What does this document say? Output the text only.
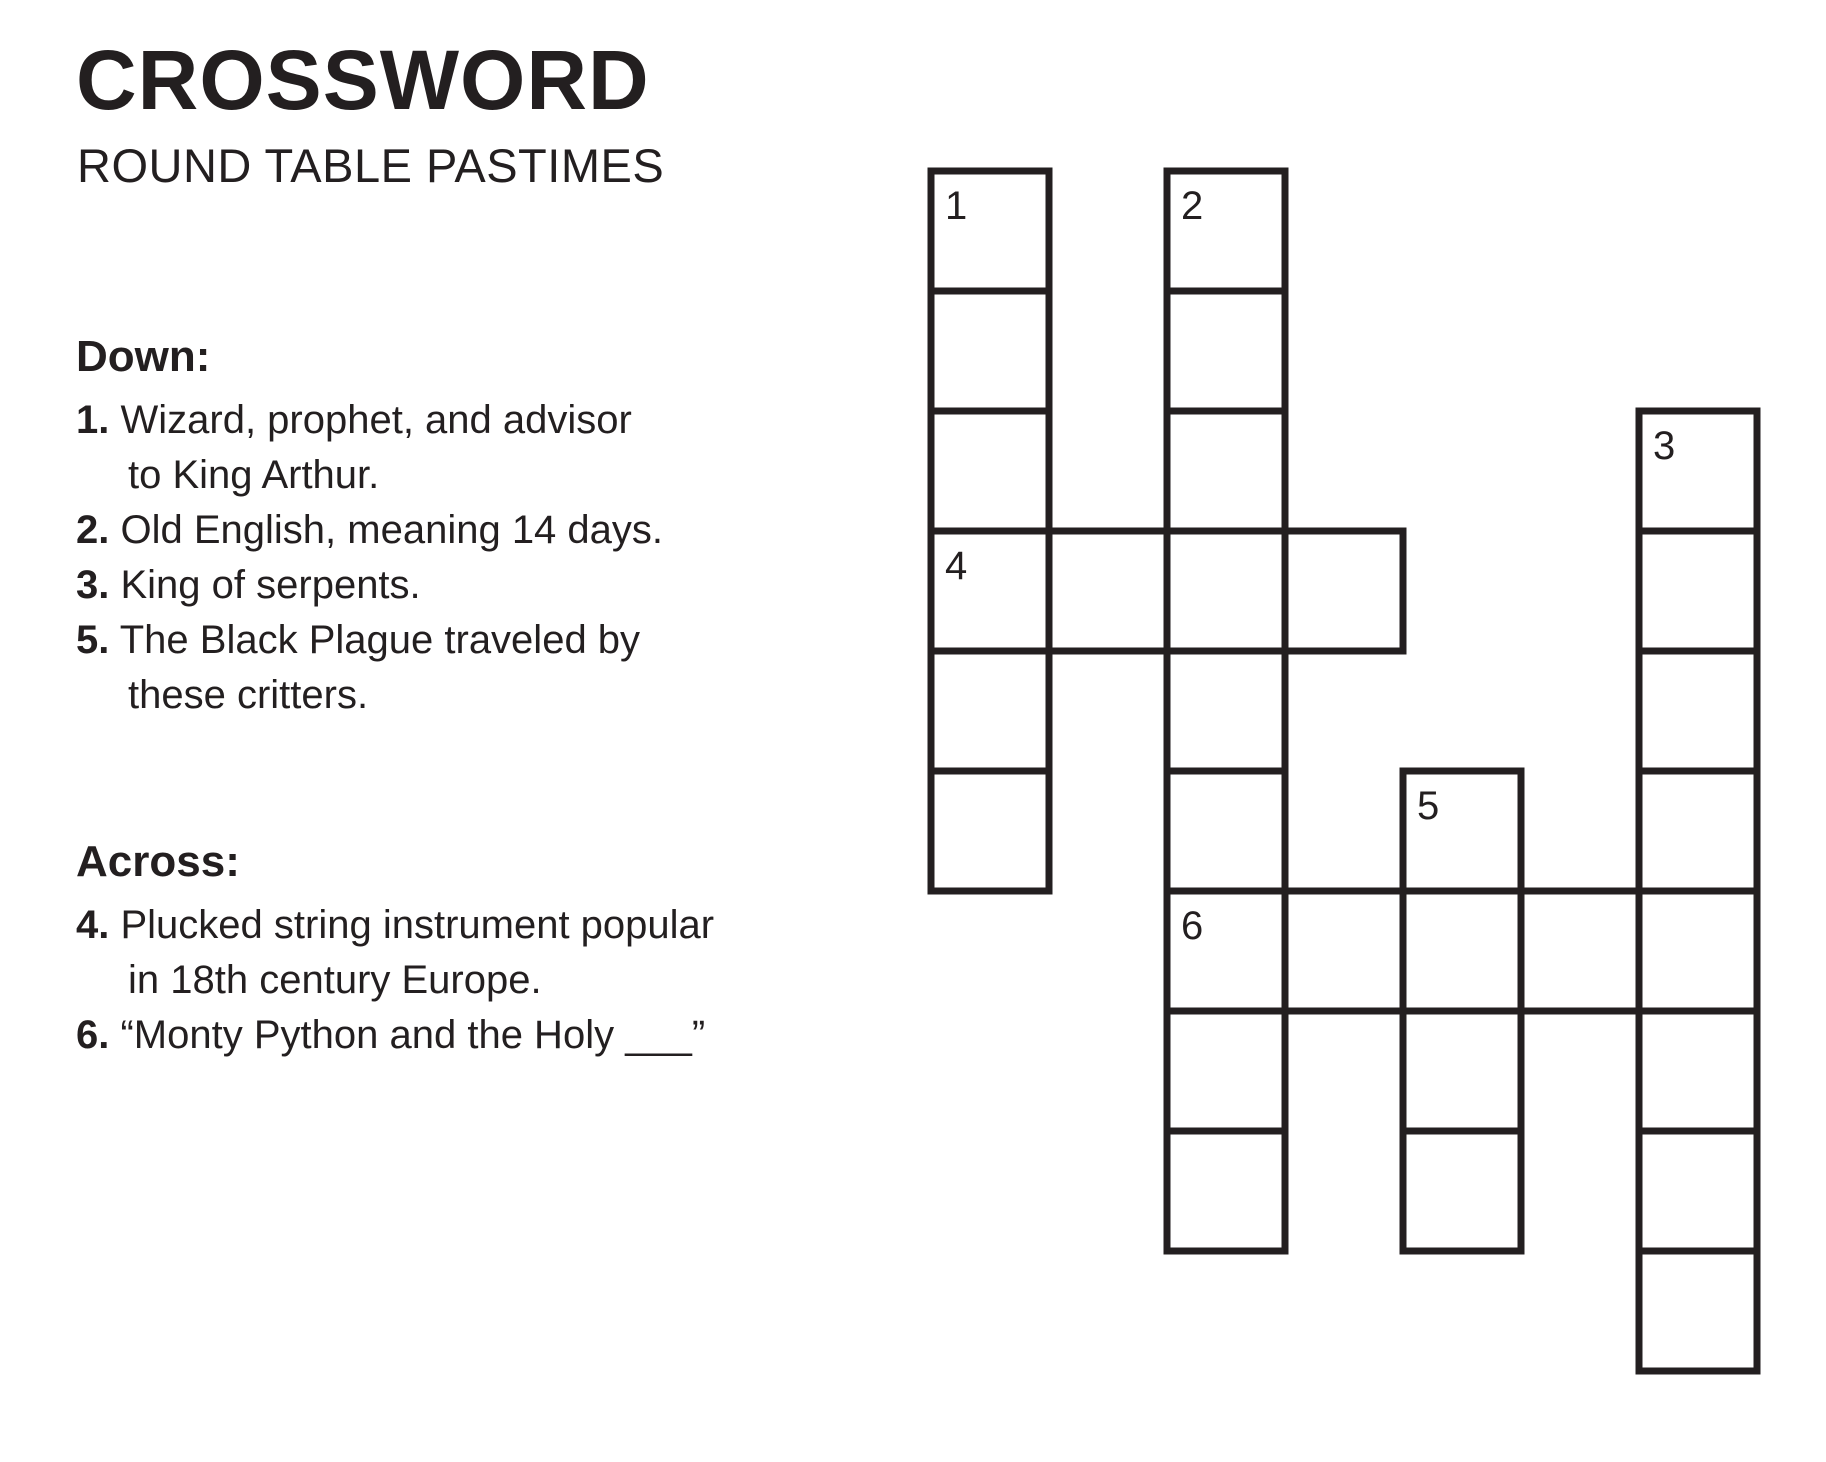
CROSSWORD
ROUND TABLE PASTIMES
Down:

1. Wizard, prophet, and advisor
to King Arthur.

2. Old English, meaning 14 days.

3. King of serpents.

5. The Black Plague traveled by
these critters.

Across:

4. Plucked string instrument popular
in 18th century Europe.

6. “Monty Python and the Holy ___”

1
4
2
6
3
5
